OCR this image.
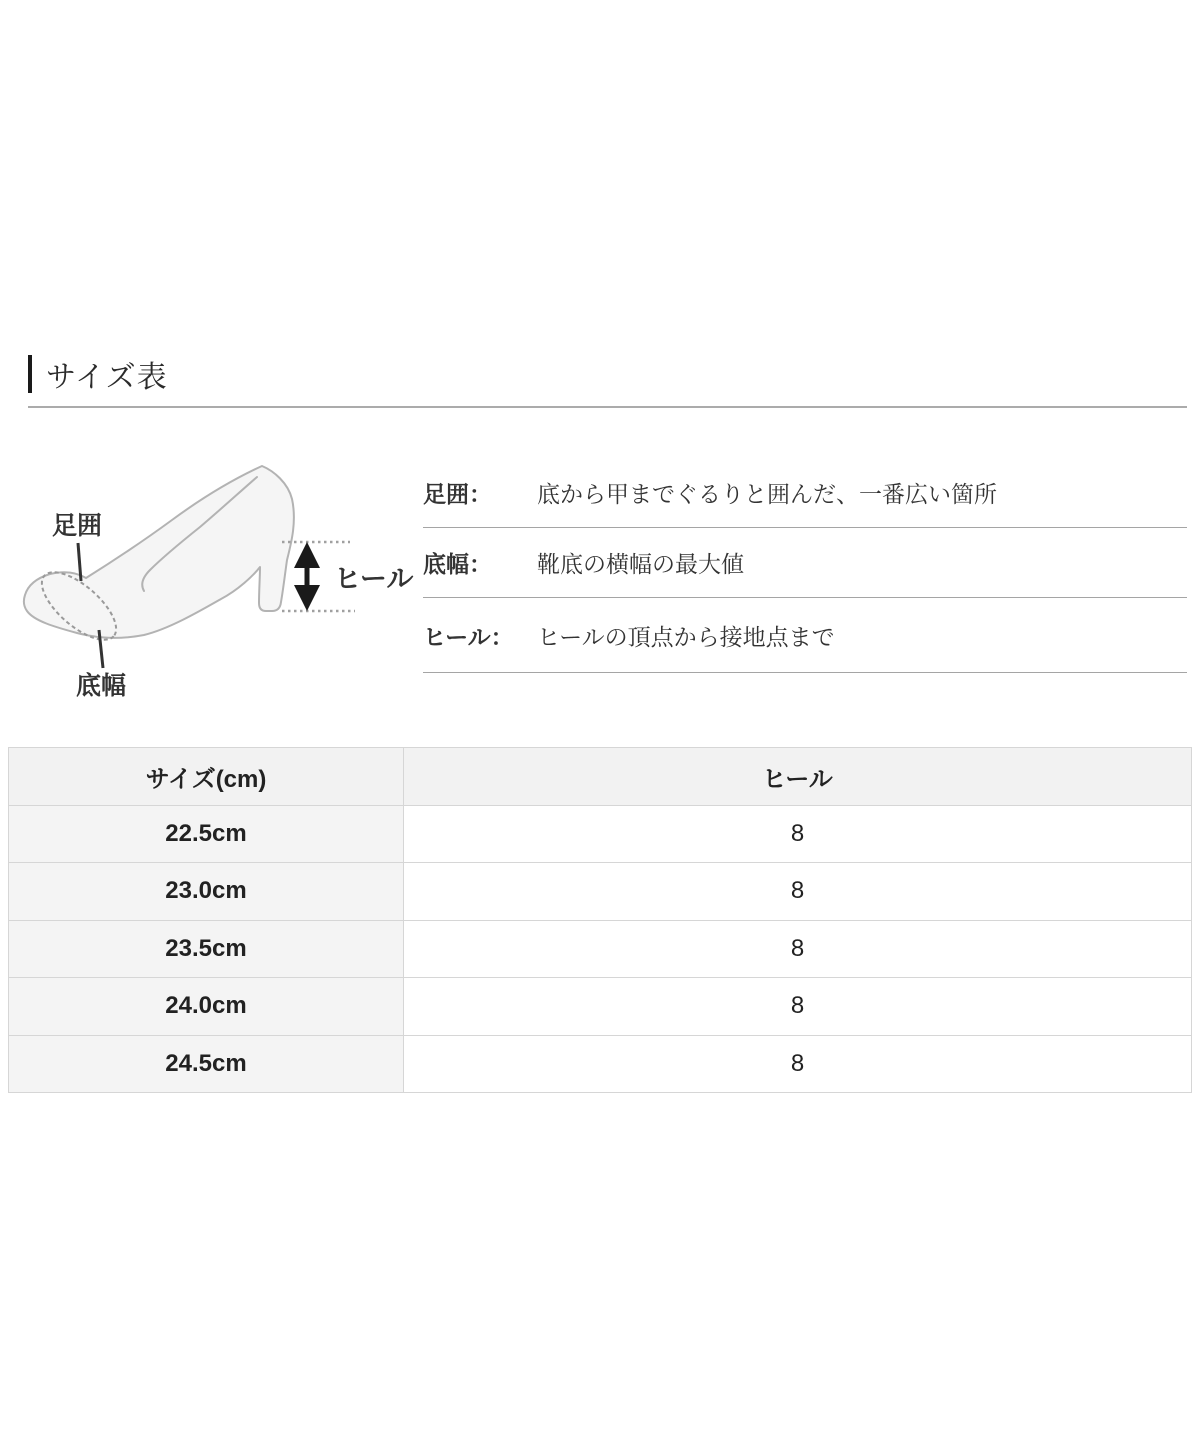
サイズ表
足囲
底幅
ヒール
足囲：	底から甲までぐるりと囲んだ、一番広い箇所
底幅：	靴底の横幅の最大値
ヒール：	ヒールの頂点から接地点まで
サイズ(cm)	ヒール
22.5cm	8
23.0cm	8
23.5cm	8
24.0cm	8
24.5cm	8
